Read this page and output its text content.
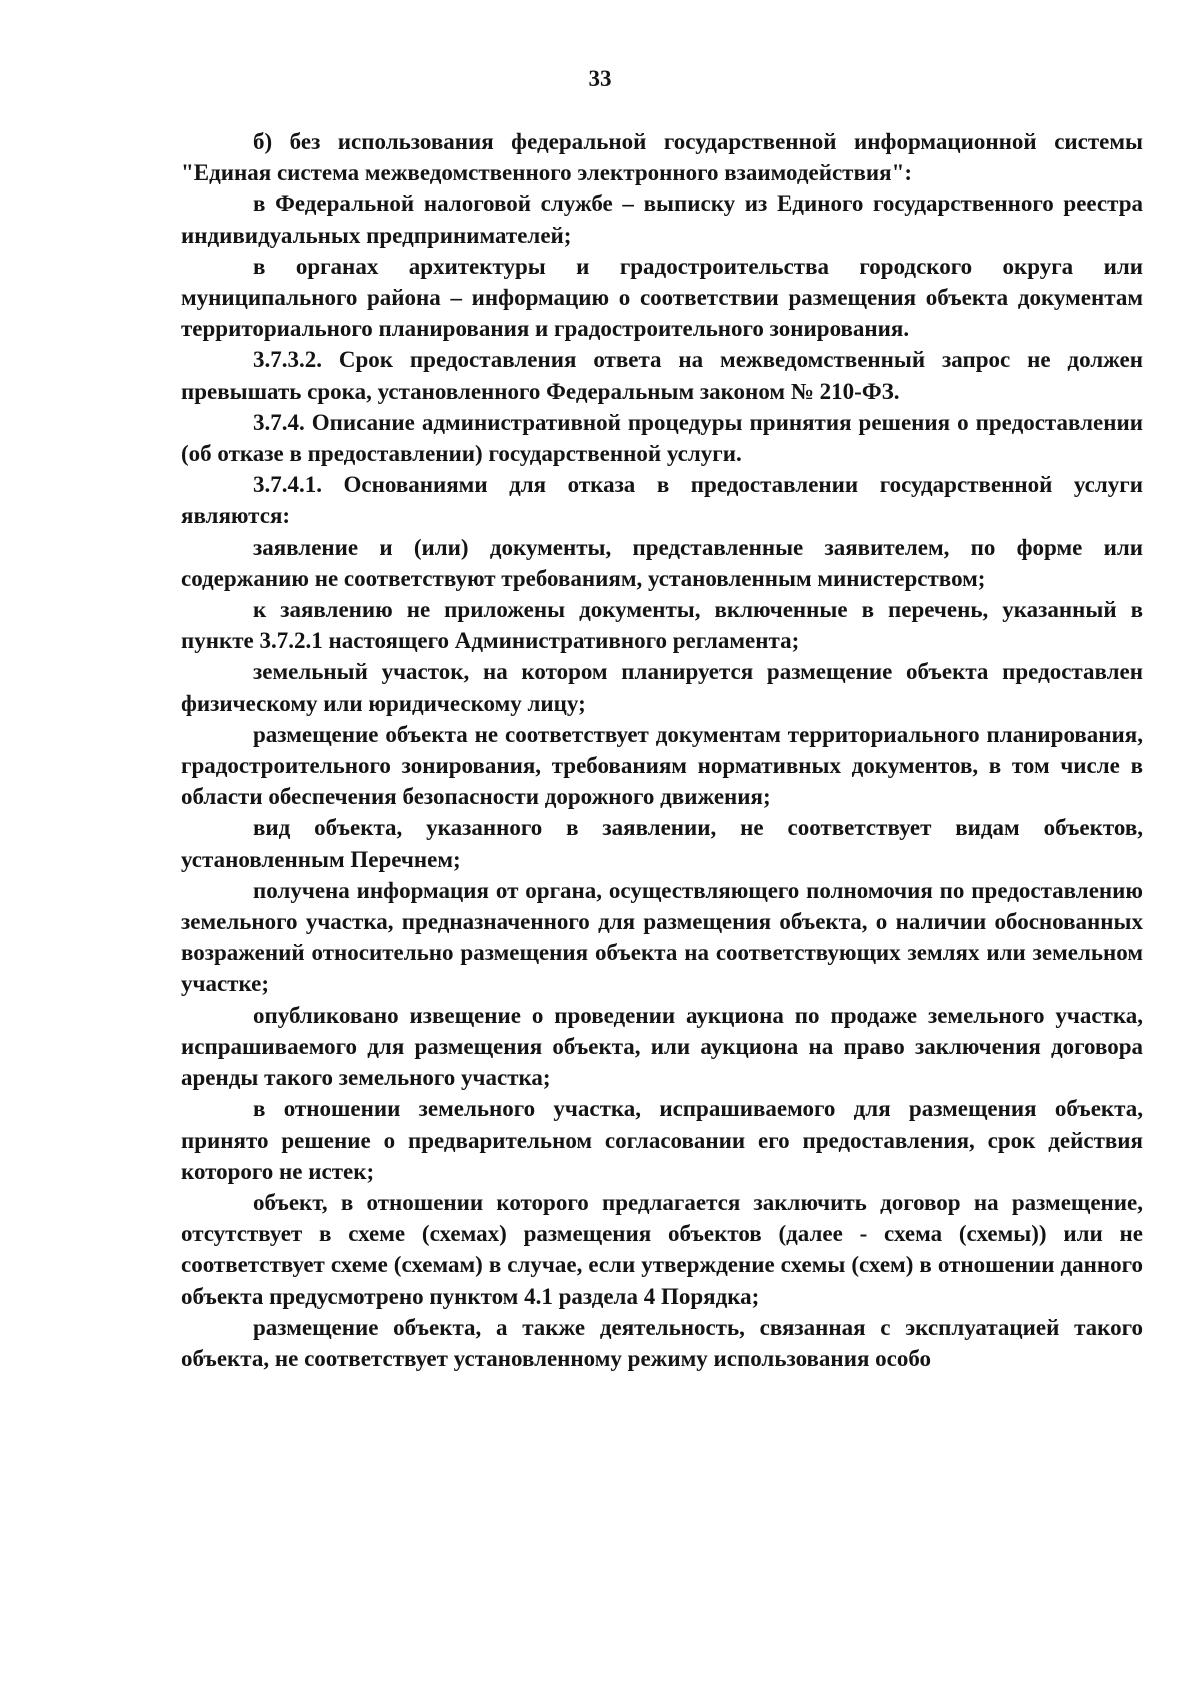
33

б) без использования федеральной государственной информационной системы "Единая система межведомственного электронного взаимодействия":

в Федеральной налоговой службе – выписку из Единого государственного реестра индивидуальных предпринимателей;

в органах архитектуры и градостроительства городского округа или муниципального района – информацию о соответствии размещения объекта документам территориального планирования и градостроительного зонирования.

3.7.3.2. Срок предоставления ответа на межведомственный запрос не должен превышать срока, установленного Федеральным законом № 210-ФЗ.

3.7.4. Описание административной процедуры принятия решения о предоставлении (об отказе в предоставлении) государственной услуги.

3.7.4.1. Основаниями для отказа в предоставлении государственной услуги являются:

заявление и (или) документы, представленные заявителем, по форме или содержанию не соответствуют требованиям, установленным министерством;

к заявлению не приложены документы, включенные в перечень, указанный в пункте 3.7.2.1 настоящего Административного регламента;

земельный участок, на котором планируется размещение объекта предоставлен физическому или юридическому лицу;

размещение объекта не соответствует документам территориального планирования, градостроительного зонирования, требованиям нормативных документов, в том числе в области обеспечения безопасности дорожного движения;

вид объекта, указанного в заявлении, не соответствует видам объектов, установленным Перечнем;

получена информация от органа, осуществляющего полномочия по предоставлению земельного участка, предназначенного для размещения объекта, о наличии обоснованных возражений относительно размещения объекта на соответствующих землях или земельном участке;

опубликовано извещение о проведении аукциона по продаже земельного участка, испрашиваемого для размещения объекта, или аукциона на право заключения договора аренды такого земельного участка;

в отношении земельного участка, испрашиваемого для размещения объекта, принято решение о предварительном согласовании его предоставления, срок действия которого не истек;

объект, в отношении которого предлагается заключить договор на размещение, отсутствует в схеме (схемах) размещения объектов (далее - схема (схемы)) или не соответствует схеме (схемам) в случае, если утверждение схемы (схем) в отношении данного объекта предусмотрено пунктом 4.1 раздела 4 Порядка;

размещение объекта, а также деятельность, связанная с эксплуатацией такого объекта, не соответствует установленному режиму использования особо
